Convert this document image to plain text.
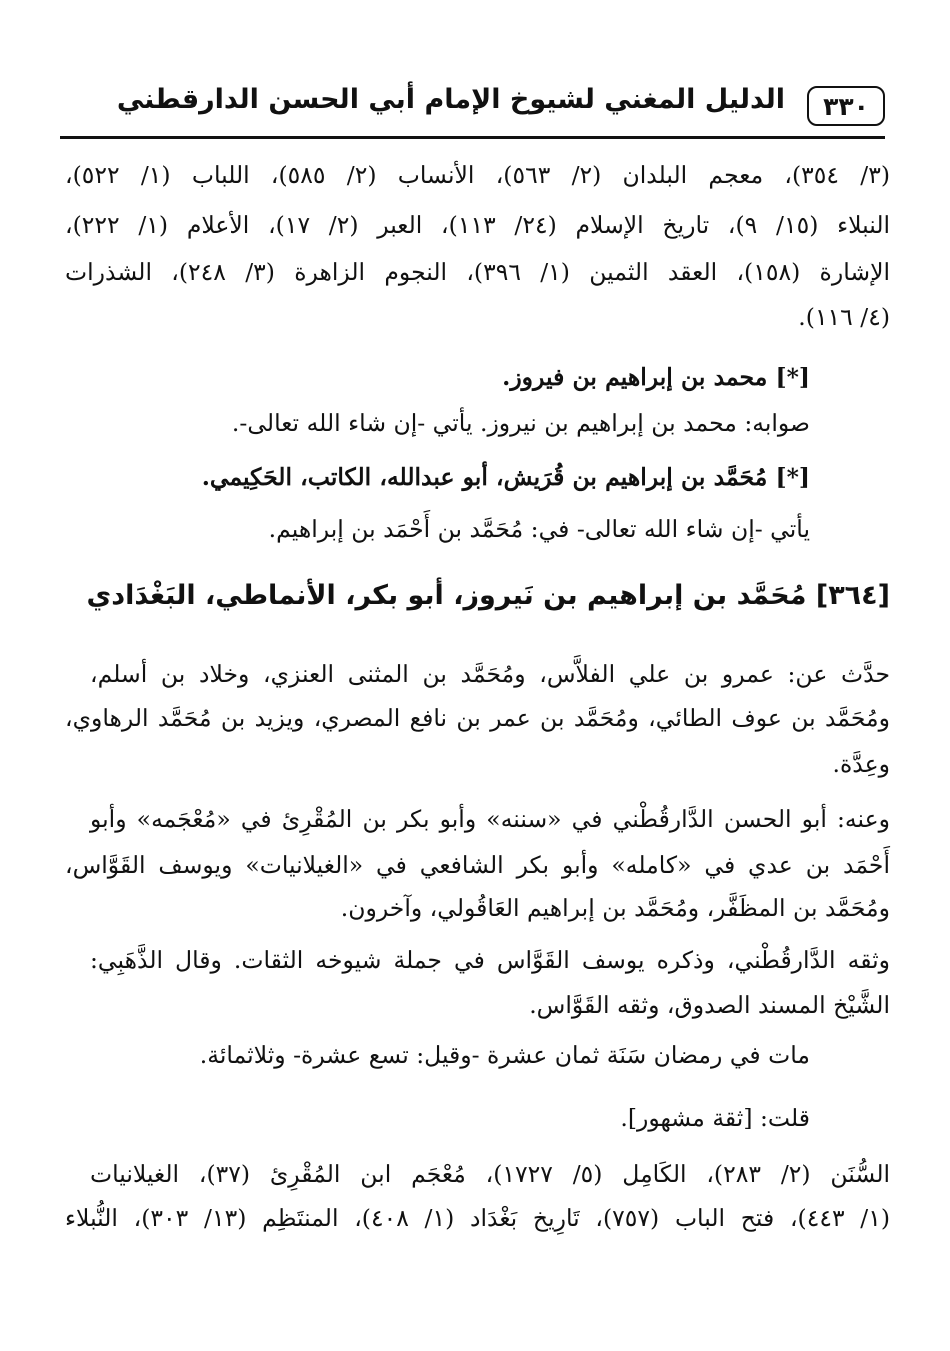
٣٣٠
الدليل المغني لشيوخ الإمام أبي الحسن الدارقطني
(٣/ ٣٥٤)، معجم البلدان (٢/ ٥٦٣)، الأنساب (٢/ ٥٨٥)، اللباب (١/ ٥٢٢)،
النبلاء (١٥/ ٩)، تاريخ الإسلام (٢٤/ ١١٣)، العبر (٢/ ١٧)، الأعلام (١/ ٢٢٢)،
الإشارة (١٥٨)، العقد الثمين (١/ ٣٩٦)، النجوم الزاهرة (٣/ ٢٤٨)، الشذرات
(٤/ ١١٦).
[*] محمد بن إبراهيم بن فيروز.
صوابه: محمد بن إبراهيم بن نيروز. يأتي -إن شاء الله تعالى-.
[*] مُحَمَّد بن إبراهيم بن قُرَيش، أبو عبدالله، الكاتب، الحَكِيمي.
يأتي -إن شاء الله تعالى- في: مُحَمَّد بن أَحْمَد بن إبراهيم.
[٣٦٤] مُحَمَّد بن إبراهيم بن نَيروز، أبو بكر، الأنماطي، البَغْدَادي
حدَّث عن: عمرو بن علي الفلاَّس، ومُحَمَّد بن المثنى العنزي، وخلاد بن أسلم،
ومُحَمَّد بن عوف الطائي، ومُحَمَّد بن عمر بن نافع المصري، ويزيد بن مُحَمَّد الرهاوي،
وعِدَّة.
وعنه: أبو الحسن الدَّارقُطْني في «سننه» وأبو بكر بن المُقْرِئ في «مُعْجَمه» وأبو
أَحْمَد بن عدي في «كامله» وأبو بكر الشافعي في «الغيلانيات» ويوسف القَوَّاس،
ومُحَمَّد بن المظَفَّر، ومُحَمَّد بن إبراهيم العَاقُولي، وآخرون.
وثقه الدَّارقُطْني، وذكره يوسف القَوَّاس في جملة شيوخه الثقات. وقال الذَّهَبِي:
الشَّيْخ المسند الصدوق، وثقه القَوَّاس.
مات في رمضان سَنَة ثمان عشرة -وقيل: تسع عشرة- وثلاثمائة.
قلت: [ثقة مشهور].
السُّنَن (٢/ ٢٨٣)، الكَامِل (٥/ ١٧٢٧)، مُعْجَم ابن المُقْرِئ (٣٧)، الغيلانيات
(١/ ٤٤٣)، فتح الباب (٧٥٧)، تَارِيخ بَغْدَاد (١/ ٤٠٨)، المنتَظِم (١٣/ ٣٠٣)، النُّبلاء
